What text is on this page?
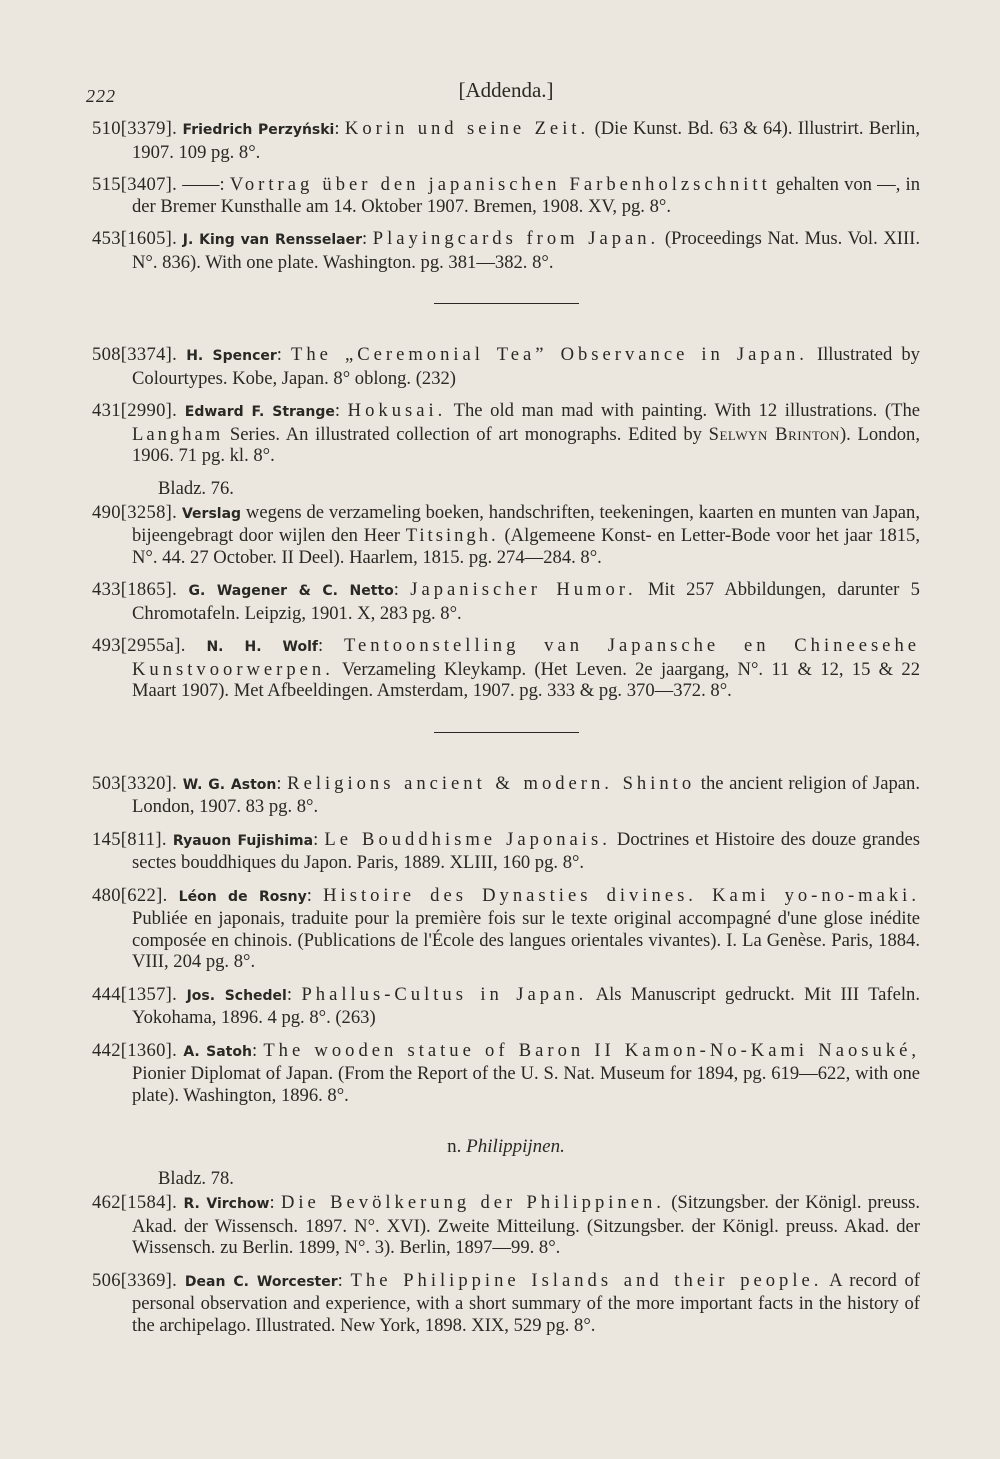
222	[Addenda.]

510[3379]. Friedrich Perzyński: Korin und seine Zeit. (Die Kunst. Bd. 63 & 64). Illustrirt. Berlin, 1907. 109 pg. 8°.

515[3407]. ——: Vortrag über den japanischen Farbenholzschnitt gehalten von —, in der Bremer Kunsthalle am 14. Oktober 1907. Bremen, 1908. XV, pg. 8°.

453[1605]. J. King van Rensselaer: Playingcards from Japan. (Proceedings Nat. Mus. Vol. XIII. N°. 836). With one plate. Washington. pg. 381—382. 8°.

508[3374]. H. Spencer: The „Ceremonial Tea” Observance in Japan. Illustrated by Colourtypes. Kobe, Japan. 8° oblong. (232)

431[2990]. Edward F. Strange: Hokusai. The old man mad with painting. With 12 illustrations. (The Langham Series. An illustrated collection of art monographs. Edited by Selwyn Brinton). London, 1906. 71 pg. kl. 8°.

Bladz. 76.

490[3258]. Verslag wegens de verzameling boeken, handschriften, teekeningen, kaarten en munten van Japan, bijeengebragt door wijlen den Heer Titsingh. (Algemeene Konst- en Letter-Bode voor het jaar 1815, N°. 44. 27 October. II Deel). Haarlem, 1815. pg. 274—284. 8°.

433[1865]. G. Wagener & C. Netto: Japanischer Humor. Mit 257 Abbildungen, darunter 5 Chromotafeln. Leipzig, 1901. X, 283 pg. 8°.

493[2955a]. N. H. Wolf: Tentoonstelling van Japansche en Chineesehe Kunstvoorwerpen. Verzameling Kleykamp. (Het Leven. 2e jaargang, N°. 11 & 12, 15 & 22 Maart 1907). Met Afbeeldingen. Amsterdam, 1907. pg. 333 & pg. 370—372. 8°.

503[3320]. W. G. Aston: Religions ancient & modern. Shinto the ancient religion of Japan. London, 1907. 83 pg. 8°.

145[811]. Ryauon Fujishima: Le Bouddhisme Japonais. Doctrines et Histoire des douze grandes sectes bouddhiques du Japon. Paris, 1889. XLIII, 160 pg. 8°.

480[622]. Léon de Rosny: Histoire des Dynasties divines. Kami yo-no-maki. Publiée en japonais, traduite pour la première fois sur le texte original accompagné d'une glose inédite composée en chinois. (Publications de l'École des langues orientales vivantes). I. La Genèse. Paris, 1884. VIII, 204 pg. 8°.

444[1357]. Jos. Schedel: Phallus-Cultus in Japan. Als Manuscript gedruckt. Mit III Tafeln. Yokohama, 1896. 4 pg. 8°. (263)

442[1360]. A. Satoh: The wooden statue of Baron II Kamon-No-Kami Naosuké, Pionier Diplomat of Japan. (From the Report of the U. S. Nat. Museum for 1894, pg. 619—622, with one plate). Washington, 1896. 8°.

n. Philippijnen.
Bladz. 78.

462[1584]. R. Virchow: Die Bevölkerung der Philippinen. (Sitzungsber. der Königl. preuss. Akad. der Wissensch. 1897. N°. XVI). Zweite Mitteilung. (Sitzungsber. der Königl. preuss. Akad. der Wissensch. zu Berlin. 1899, N°. 3). Berlin, 1897—99. 8°.

506[3369]. Dean C. Worcester: The Philippine Islands and their people. A record of personal observation and experience, with a short summary of the more important facts in the history of the archipelago. Illustrated. New York, 1898. XIX, 529 pg. 8°.
